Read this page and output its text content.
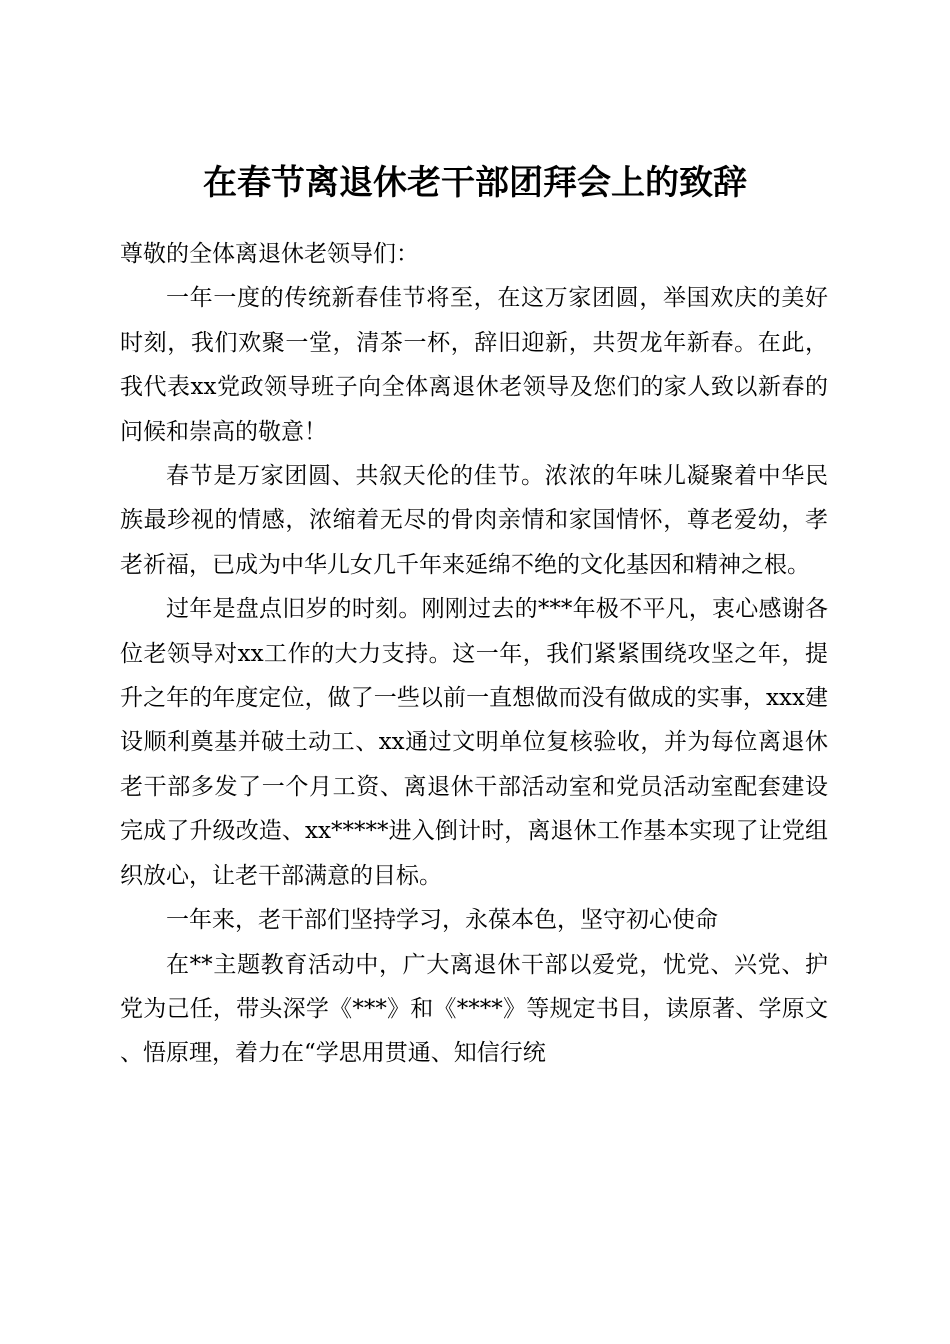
在春节离退休老干部团拜会上的致辞

尊敬的全体离退休老领导们：

一年一度的传统新春佳节将至，在这万家团圆，举国欢庆的美好时刻，我们欢聚一堂，清茶一杯，辞旧迎新，共贺龙年新春。在此，我代表xx党政领导班子向全体离退休老领导及您们的家人致以新春的问候和崇高的敬意！

春节是万家团圆、共叙天伦的佳节。浓浓的年味儿凝聚着中华民族最珍视的情感，浓缩着无尽的骨肉亲情和家国情怀，尊老爱幼，孝老祈福，已成为中华儿女几千年来延绵不绝的文化基因和精神之根。

过年是盘点旧岁的时刻。刚刚过去的***年极不平凡，衷心感谢各位老领导对xx工作的大力支持。这一年，我们紧紧围绕攻坚之年，提升之年的年度定位，做了一些以前一直想做而没有做成的实事，xxx建设顺利奠基并破土动工、xx通过文明单位复核验收，并为每位离退休老干部多发了一个月工资、离退休干部活动室和党员活动室配套建设完成了升级改造、xx*****进入倒计时，离退休工作基本实现了让党组织放心，让老干部满意的目标。

一年来，老干部们坚持学习，永葆本色，坚守初心使命

在**主题教育活动中，广大离退休干部以爱党，忧党、兴党、护党为己任，带头深学《***》和《****》等规定书目，读原著、学原文、悟原理，着力在“学思用贯通、知信行统
